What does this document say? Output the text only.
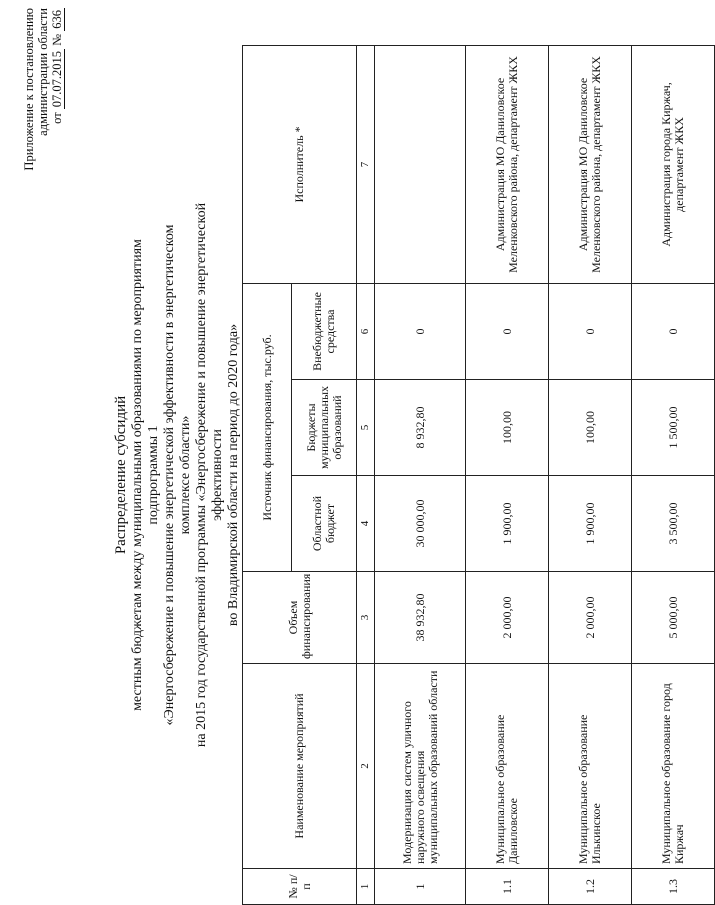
Приложение к постановлению администрации области от 07.07.2015 № 636
Распределение субсидий местным бюджетам между муниципальными образованиями по мероприятиям подпрограммы 1 «Энергосбережение и повышение энергетической эффективности в энергетическом комплексе области» на 2015 год государственной программы «Энергосбережение и повышение энергетической эффективности во Владимирской области на период до 2020 года»
№ п/п	Наименование мероприятий	Объем финансирования	Источник финансирования, тыс.руб.			Исполнитель *
			Областной бюджет	Бюджеты муниципальных образований	Внебюджетные средства	
1	2	3	4	5	6	7
1	Модернизация систем уличного наружного освещения муниципальных образований области	38 932,80	30 000,00	8 932,80	0	
1.1	Муниципальное образование Даниловское	2 000,00	1 900,00	100,00	0	Администрация МО Даниловское Меленковского района, департамент ЖКХ
1.2	Муниципальное образование Илькинское	2 000,00	1 900,00	100,00	0	Администрация МО Даниловское Меленковского района, департамент ЖКХ
1.3	Муниципальное образование город Киржач	5 000,00	3 500,00	1 500,00	0	Администрация города Киржач, департамент ЖКХ
